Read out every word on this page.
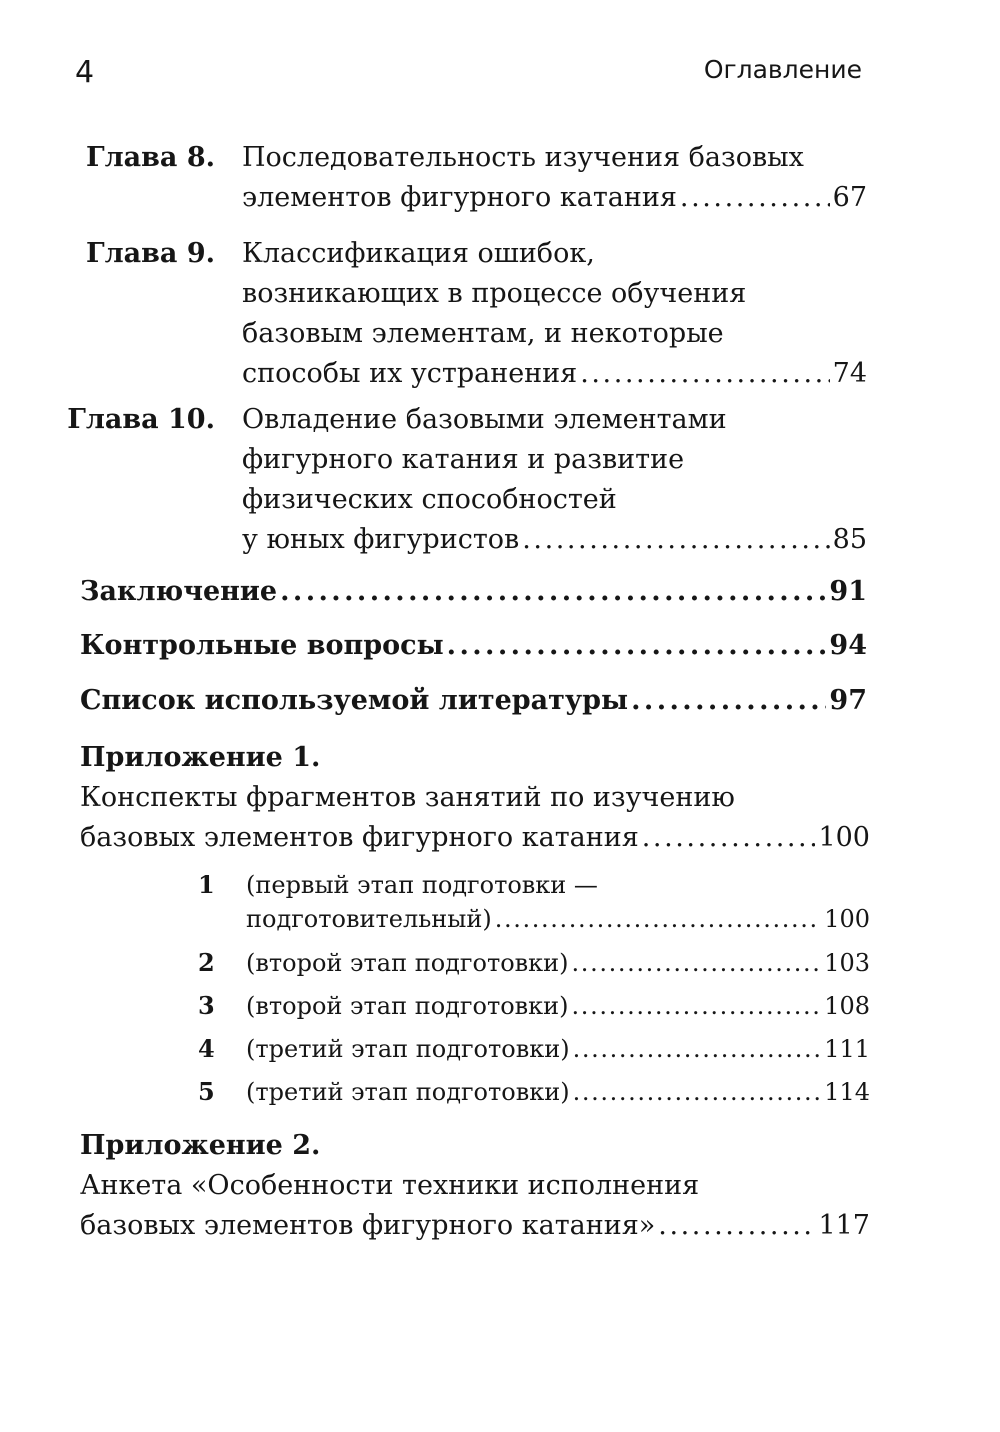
4	Оглавление
Глава 8. Последовательность изучения базовых
элементов фигурного катания . . .	67
Глава 9. Классификация ошибок,
возникающих в процессе обучения
базовым элементам, и некоторые
способы их устранения . . .	74
Глава 10. Овладение базовыми элементами
фигурного катания и развитие
физических способностей
у юных фигуристов . . .	85
Заключение . . .	91
Контрольные вопросы . . .	94
Список используемой литературы . . .	97
Приложение 1.
Конспекты фрагментов занятий по изучению
базовых элементов фигурного катания . . .	100
1	(первый этап подготовки —
подготовительный) . . .	100
2	(второй этап подготовки) . . .	103
3	(второй этап подготовки) . . .	108
4	(третий этап подготовки) . . .	111
5	(третий этап подготовки) . . .	114
Приложение 2.
Анкета «Особенности техники исполнения
базовых элементов фигурного катания» . . .	117
